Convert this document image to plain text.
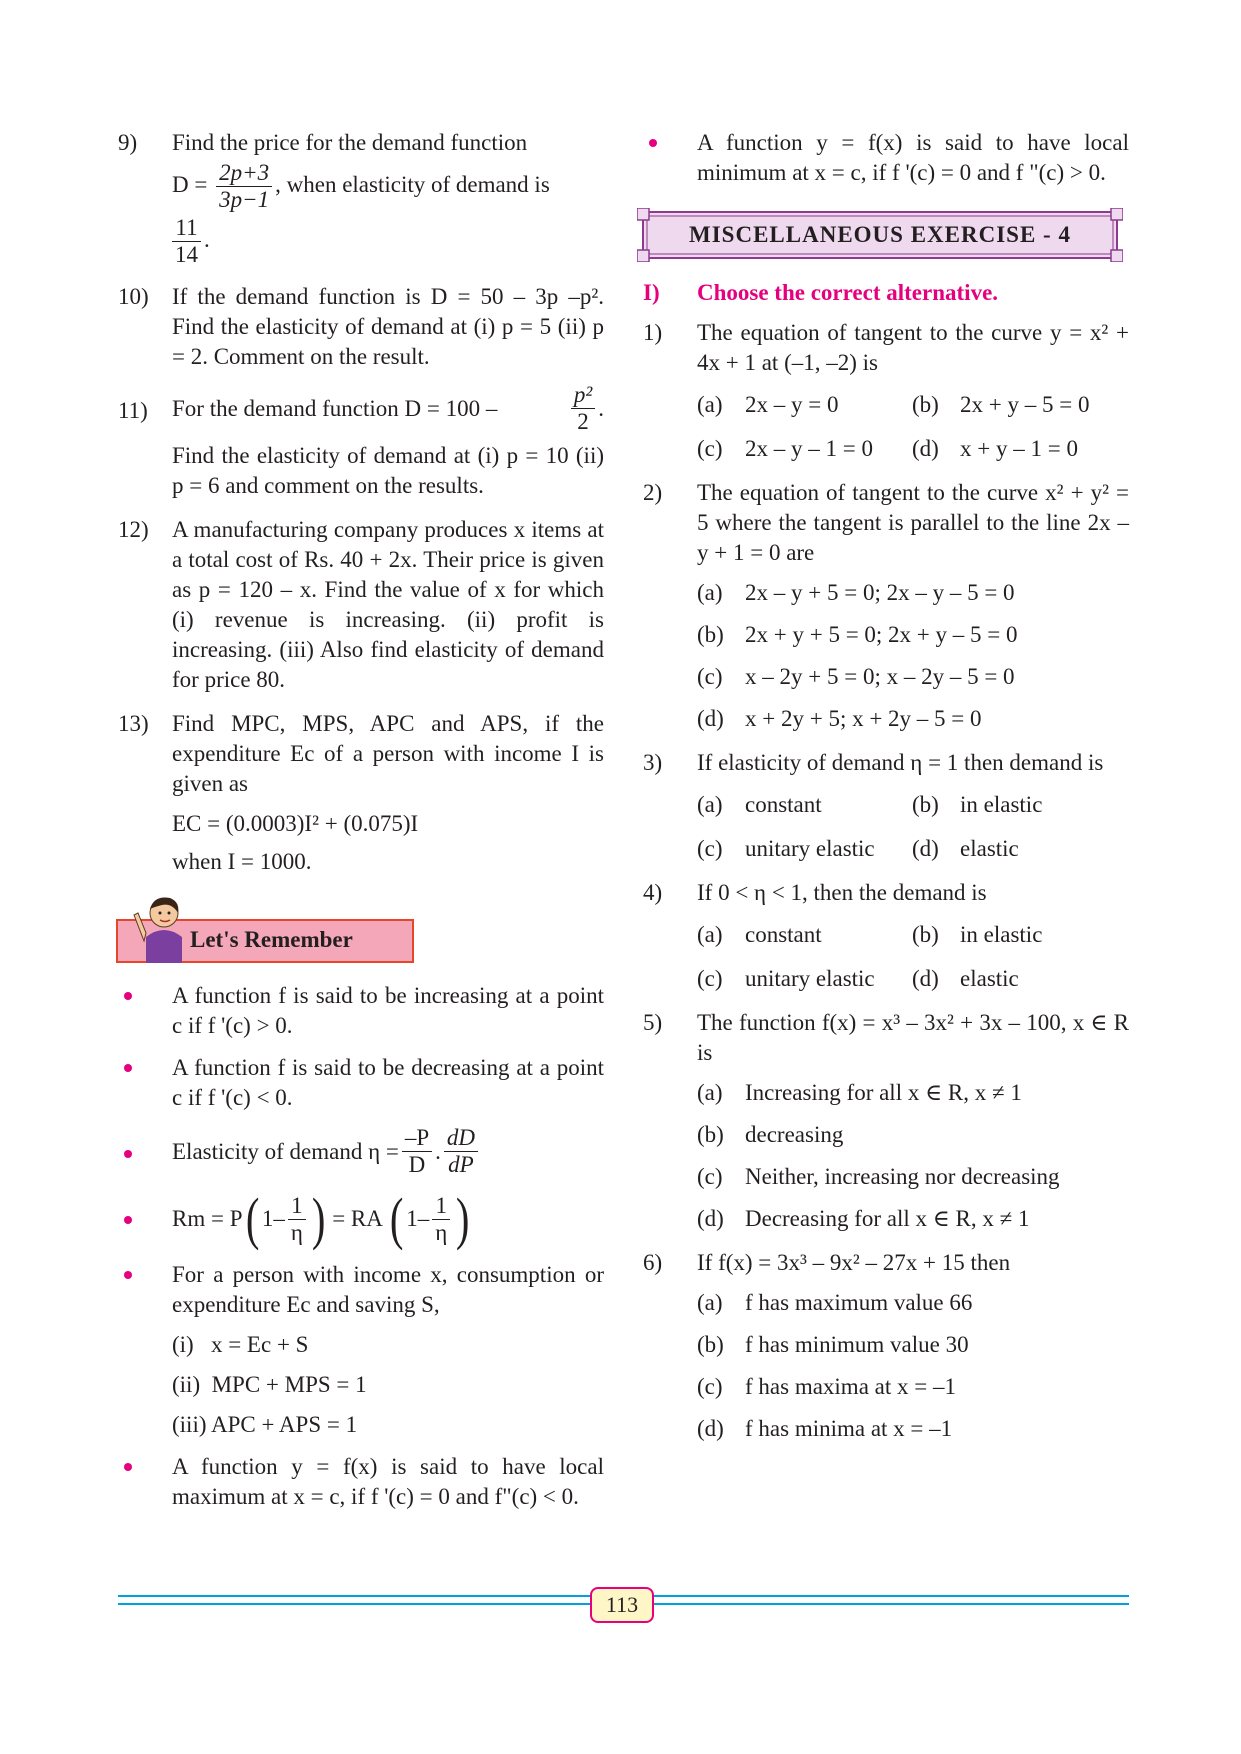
9) Find the price for the demand function
$D = \frac{2p+3}{3p-1}$ , when elasticity of demand is
$\frac{11}{14}$ .
10) If the demand function is D = 50 – 3p –p². Find the elasticity of demand at (i) p = 5 (ii) p = 2. Comment on the result.
11) For the demand function D = 100 –	$\frac{\text{p²}}{2}$ .
Find the elasticity of demand at (i) p = 10 (ii) p = 6 and comment on the results.
12) A manufacturing company produces x items at a total cost of Rs. 40 + 2x. Their price is given as p = 120 – x. Find the value of x for which (i) revenue is increasing. (ii) profit is increasing. (iii) Also find elasticity of demand for price 80.
13) Find MPC, MPS, APC and APS, if the expenditure Ec of a person with income I is given as
EC = (0.0003)I² + (0.075)I
when I = 1000.
Let's Remember
A function f is said to be increasing at a point c if f '(c) > 0.
A function f is said to be decreasing at a point c if f '(c) < 0.
Elasticity of demand $\eta = \frac{-P}{D}$ . $\frac{dD}{dP}$
Rm = P ( $1- \frac{1}{\eta}$ ) = RA ( $1- \frac{1}{\eta}$ )
For a person with income x, consumption or expenditure Ec and saving S,
(i)   x = Ec + S
(ii)  MPC + MPS = 1
(iii) APC + APS = 1
A function y = f(x) is said to have local maximum at x = c, if f '(c) = 0 and f"(c) < 0.
A function y = f(x) is said to have local minimum at x = c, if f '(c) = 0 and f "(c) > 0.
MISCELLANEOUS EXERCISE - 4
I) Choose the correct alternative.
1) The equation of tangent to the curve y = x² + 4x + 1 at (–1, –2) is
(a) 2x – y = 0	(b) 2x + y – 5 = 0
(c) 2x – y – 1 = 0	(d) x + y – 1 = 0
2) The equation of tangent to the curve x² + y² = 5 where the tangent is parallel to the line 2x – y + 1 = 0 are
(a) 2x – y + 5 = 0; 2x – y – 5 = 0
(b) 2x + y + 5 = 0; 2x + y – 5 = 0
(c) x – 2y + 5 = 0; x – 2y – 5 = 0
(d) x + 2y + 5; x + 2y – 5 = 0
3) If elasticity of demand η = 1 then demand is
(a) constant	(b) in elastic
(c) unitary elastic	(d) elastic
4) If 0 < η < 1, then the demand is
(a) constant	(b) in elastic
(c) unitary elastic	(d) elastic
5) The function f(x) = x³ – 3x² + 3x – 100, x ∈ R is
(a) Increasing for all x ∈ R, x ≠ 1
(b) decreasing
(c) Neither, increasing nor decreasing
(d) Decreasing for all x ∈ R, x ≠ 1
6) If f(x) = 3x³ – 9x² – 27x + 15 then
(a) f has maximum value 66
(b) f has minimum value 30
(c) f has maxima at x = –1
(d) f has minima at x = –1
113
